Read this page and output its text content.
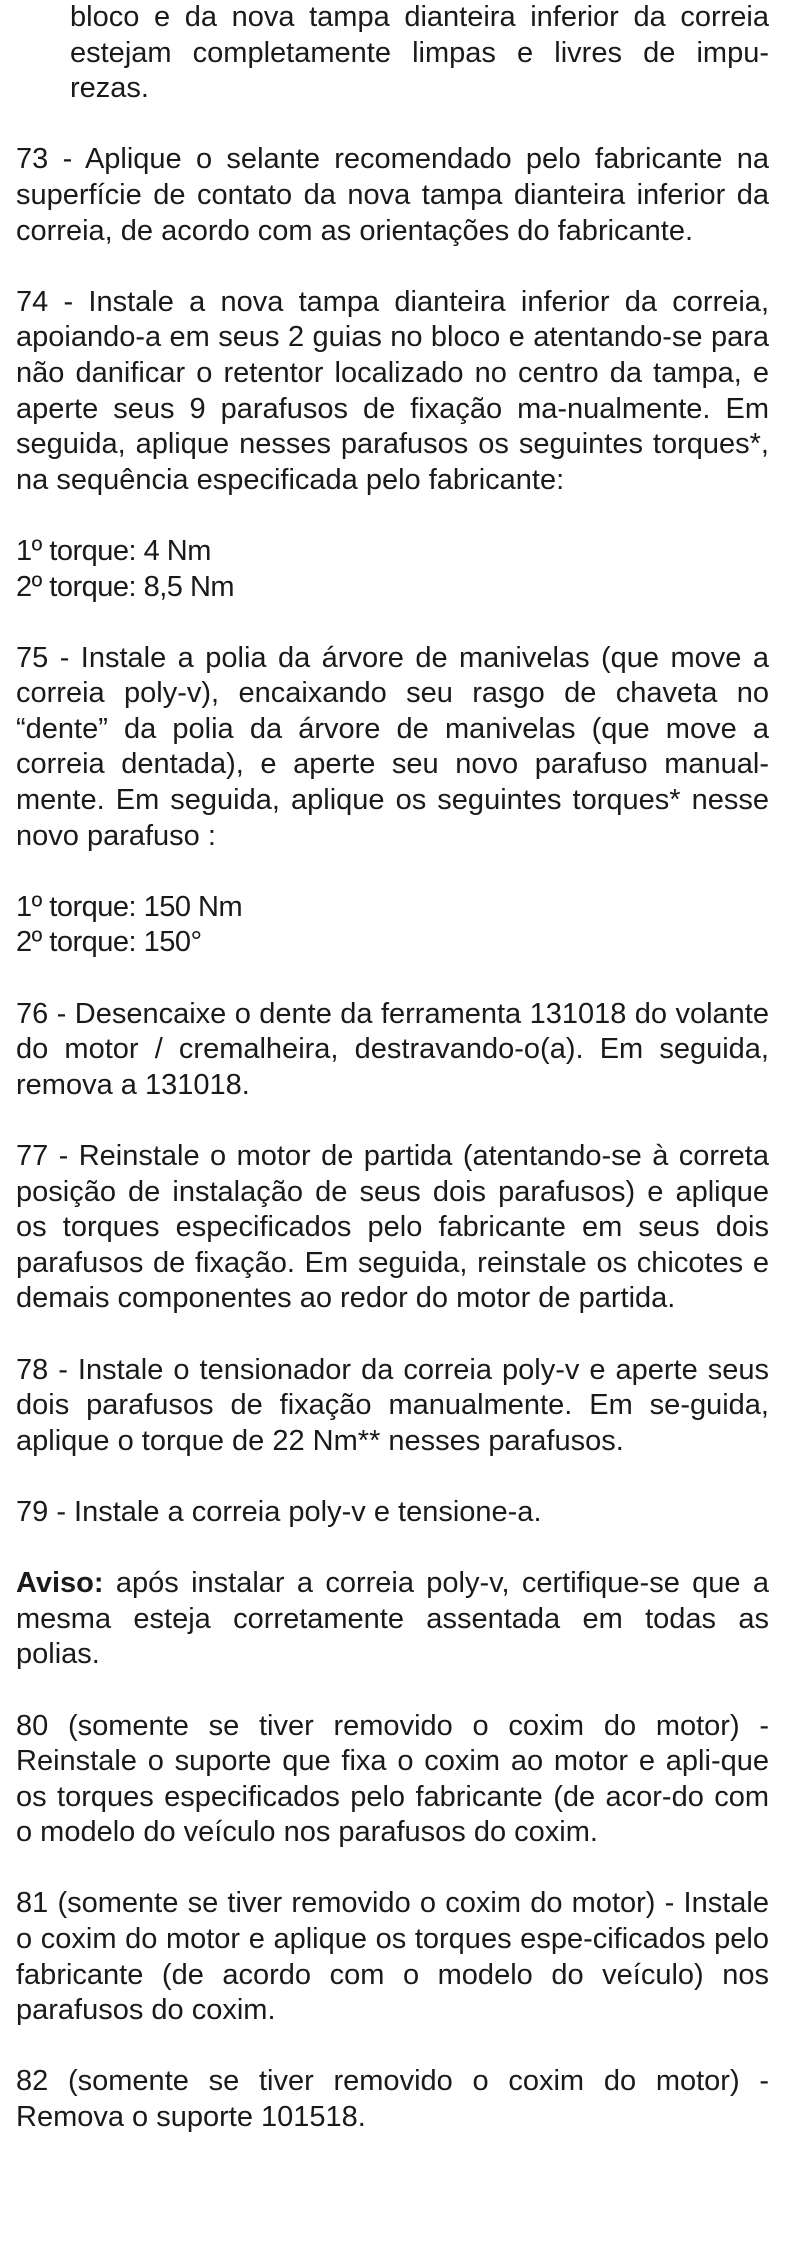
bloco e da nova tampa dianteira inferior da correia estejam completamente limpas e livres de impu-rezas.

73 - Aplique o selante recomendado pelo fabricante na superfície de contato da nova tampa dianteira inferior da correia, de acordo com as orientações do fabricante.

74 - Instale a nova tampa dianteira inferior da correia, apoiando-a em seus 2 guias no bloco e atentando-se para não danificar o retentor localizado no centro da tampa, e aperte seus 9 parafusos de fixação ma-nualmente. Em seguida, aplique nesses parafusos os seguintes torques*, na sequência especificada pelo fabricante:

1º torque: 4 Nm
2º torque: 8,5 Nm

75 - Instale a polia da árvore de manivelas (que move a correia poly-v), encaixando seu rasgo de chaveta no “dente” da polia da árvore de manivelas (que move a correia dentada), e aperte seu novo parafuso manual-mente. Em seguida, aplique os seguintes torques* nesse novo parafuso :

1º torque: 150 Nm
2º torque: 150°

76 - Desencaixe o dente da ferramenta 131018 do volante do motor / cremalheira, destravando-o(a). Em seguida, remova a 131018.

77 - Reinstale o motor de partida (atentando-se à correta posição de instalação de seus dois parafusos) e aplique os torques especificados pelo fabricante em seus dois parafusos de fixação. Em seguida, reinstale os chicotes e demais componentes ao redor do motor de partida.

78 - Instale o tensionador da correia poly-v e aperte seus dois parafusos de fixação manualmente. Em se-guida, aplique o torque de 22 Nm** nesses parafusos.

79 - Instale a correia poly-v e tensione-a.

Aviso: após instalar a correia poly-v, certifique-se que a mesma esteja corretamente assentada em todas as polias.

80 (somente se tiver removido o coxim do motor) - Reinstale o suporte que fixa o coxim ao motor e apli-que os torques especificados pelo fabricante (de acor-do com o modelo do veículo nos parafusos do coxim.

81 (somente se tiver removido o coxim do motor) - Instale o coxim do motor e aplique os torques espe-cificados pelo fabricante (de acordo com o modelo do veículo) nos parafusos do coxim.

82 (somente se tiver removido o coxim do motor) - Remova o suporte 101518.
